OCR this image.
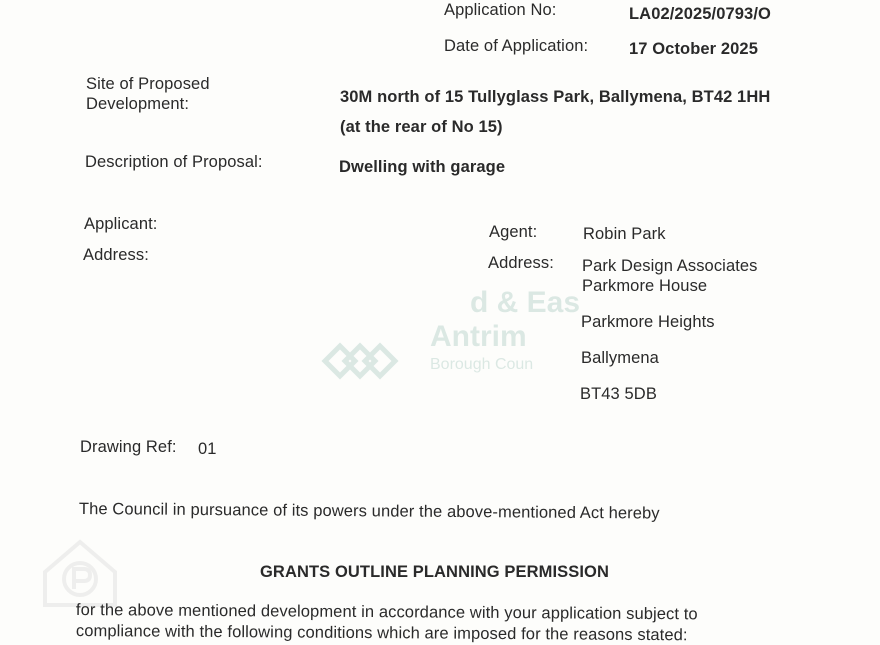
d & Eas
Antrim
Borough Coun
Application No:	LA02/2025/0793/O
Date of Application: 17 October 2025
Site of Proposed
Development:	30M north of 15 Tullyglass Park, Ballymena, BT42 1HH
(at the rear of No 15)
Description of Proposal:	Dwelling with garage
Applicant:
Address:
Agent:	Robin Park
Address: Park Design Associates
Parkmore House
Parkmore Heights
Ballymena
BT43 5DB
Drawing Ref: 01
The Council in pursuance of its powers under the above-mentioned Act hereby
GRANTS OUTLINE PLANNING PERMISSION
for the above mentioned development in accordance with your application subject to
compliance with the following conditions which are imposed for the reasons stated:
